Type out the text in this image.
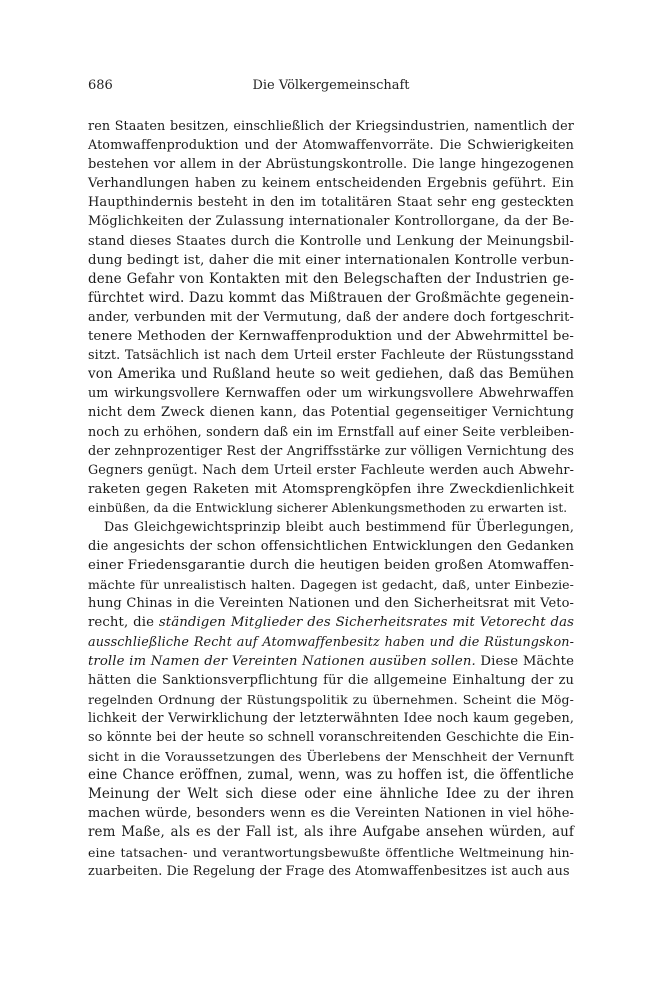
686	Die Völkergemeinschaft
ren Staaten besitzen, einschließlich der Kriegsindustrien, namentlich der
Atomwaffenproduktion und der Atomwaffenvorräte. Die Schwierigkeiten
bestehen vor allem in der Abrüstungskontrolle. Die lange hingezogenen
Verhandlungen haben zu keinem entscheidenden Ergebnis geführt. Ein
Haupthindernis besteht in den im totalitären Staat sehr eng gesteckten
Möglichkeiten der Zulassung internationaler Kontrollorgane, da der Be-
stand dieses Staates durch die Kontrolle und Lenkung der Meinungsbil-
dung bedingt ist, daher die mit einer internationalen Kontrolle verbun-
dene Gefahr von Kontakten mit den Belegschaften der Industrien ge-
fürchtet wird. Dazu kommt das Mißtrauen der Großmächte gegenein-
ander, verbunden mit der Vermutung, daß der andere doch fortgeschrit-
tenere Methoden der Kernwaffenproduktion und der Abwehrmittel be-
sitzt. Tatsächlich ist nach dem Urteil erster Fachleute der Rüstungsstand
von Amerika und Rußland heute so weit gediehen, daß das Bemühen
um wirkungsvollere Kernwaffen oder um wirkungsvollere Abwehrwaffen
nicht dem Zweck dienen kann, das Potential gegenseitiger Vernichtung
noch zu erhöhen, sondern daß ein im Ernstfall auf einer Seite verbleiben-
der zehnprozentiger Rest der Angriffsstärke zur völligen Vernichtung des
Gegners genügt. Nach dem Urteil erster Fachleute werden auch Abwehr-
raketen gegen Raketen mit Atomsprengköpfen ihre Zweckdienlichkeit
einbüßen, da die Entwicklung sicherer Ablenkungsmethoden zu erwarten ist.
Das Gleichgewichtsprinzip bleibt auch bestimmend für Überlegungen,
die angesichts der schon offensichtlichen Entwicklungen den Gedanken
einer Friedensgarantie durch die heutigen beiden großen Atomwaffen-
mächte für unrealistisch halten. Dagegen ist gedacht, daß, unter Einbezie-
hung Chinas in die Vereinten Nationen und den Sicherheitsrat mit Veto-
recht, die ständigen Mitglieder des Sicherheitsrates mit Vetorecht das
ausschließliche Recht auf Atomwaffenbesitz haben und die Rüstungskon-
trolle im Namen der Vereinten Nationen ausüben sollen. Diese Mächte
hätten die Sanktionsverpflichtung für die allgemeine Einhaltung der zu
regelnden Ordnung der Rüstungspolitik zu übernehmen. Scheint die Mög-
lichkeit der Verwirklichung der letzterwähnten Idee noch kaum gegeben,
so könnte bei der heute so schnell voranschreitenden Geschichte die Ein-
sicht in die Voraussetzungen des Überlebens der Menschheit der Vernunft
eine Chance eröffnen, zumal, wenn, was zu hoffen ist, die öffentliche
Meinung der Welt sich diese oder eine ähnliche Idee zu der ihren
machen würde, besonders wenn es die Vereinten Nationen in viel höhe-
rem Maße, als es der Fall ist, als ihre Aufgabe ansehen würden, auf
eine tatsachen- und verantwortungsbewußte öffentliche Weltmeinung hin-
zuarbeiten. Die Regelung der Frage des Atomwaffenbesitzes ist auch aus
